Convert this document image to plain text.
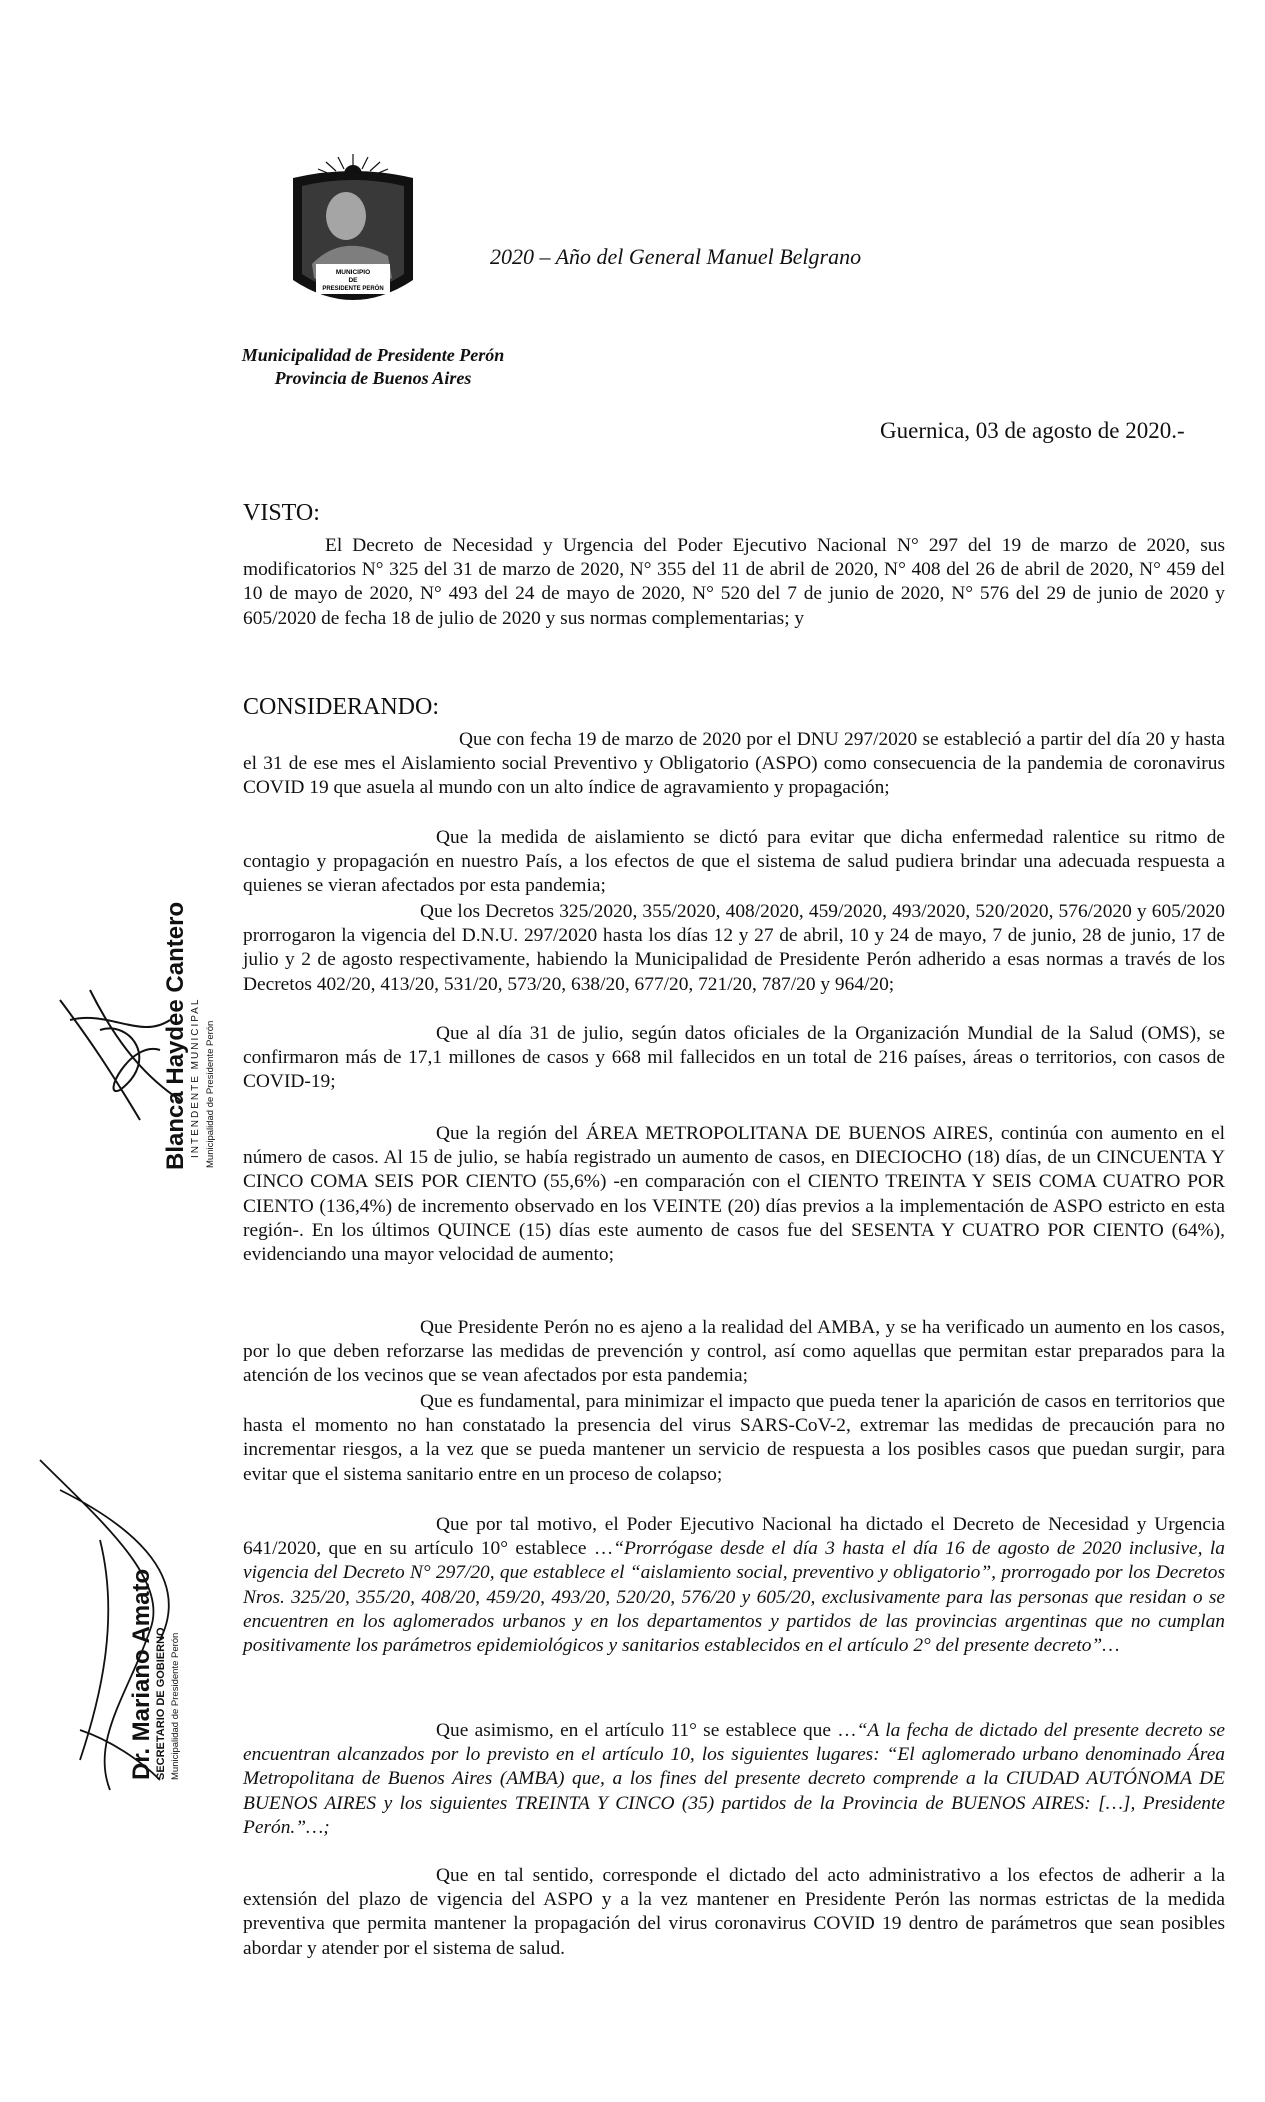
MUNICIPIO
DE
PRESIDENTE PERÓN
2020 – Año del General Manuel Belgrano
Municipalidad de Presidente Perón
Provincia de Buenos Aires
Guernica, 03 de agosto de 2020.-
VISTO:

El Decreto de Necesidad y Urgencia del Poder Ejecutivo Nacional N° 297 del 19 de marzo de 2020, sus modificatorios N° 325 del 31 de marzo de 2020, N° 355 del 11 de abril de 2020, N° 408 del 26 de abril de 2020, N° 459 del 10 de mayo de 2020, N° 493 del 24 de mayo de 2020, N° 520 del 7 de junio de 2020, N° 576 del 29 de junio de 2020 y 605/2020 de fecha 18 de julio de 2020 y sus normas complementarias; y

CONSIDERANDO:

Que con fecha 19 de marzo de 2020 por el DNU 297/2020 se estableció a partir del día 20 y hasta el 31 de ese mes el Aislamiento social Preventivo y Obligatorio (ASPO) como consecuencia de la pandemia de coronavirus COVID 19 que asuela al mundo con un alto índice de agravamiento y propagación;

Que la medida de aislamiento se dictó para evitar que dicha enfermedad ralentice su ritmo de contagio y propagación en nuestro País, a los efectos de que el sistema de salud pudiera brindar una adecuada respuesta a quienes se vieran afectados por esta pandemia;

Que los Decretos 325/2020, 355/2020, 408/2020, 459/2020, 493/2020, 520/2020, 576/2020 y 605/2020 prorrogaron la vigencia del D.N.U. 297/2020 hasta los días 12 y 27 de abril, 10 y 24 de mayo, 7 de junio, 28 de junio, 17 de julio y 2 de agosto respectivamente, habiendo la Municipalidad de Presidente Perón adherido a esas normas a través de los Decretos 402/20, 413/20, 531/20, 573/20, 638/20, 677/20, 721/20, 787/20 y 964/20;

Que al día 31 de julio, según datos oficiales de la Organización Mundial de la Salud (OMS), se confirmaron más de 17,1 millones de casos y 668 mil fallecidos en un total de 216 países, áreas o territorios, con casos de COVID-19;

Que la región del ÁREA METROPOLITANA DE BUENOS AIRES, continúa con aumento en el número de casos. Al 15 de julio, se había registrado un aumento de casos, en DIECIOCHO (18) días, de un CINCUENTA Y CINCO COMA SEIS POR CIENTO (55,6%) -en comparación con el CIENTO TREINTA Y SEIS COMA CUATRO POR CIENTO (136,4%) de incremento observado en los VEINTE (20) días previos a la implementación de ASPO estricto en esta región-. En los últimos QUINCE (15) días este aumento de casos fue del SESENTA Y CUATRO POR CIENTO (64%), evidenciando una mayor velocidad de aumento;

Que Presidente Perón no es ajeno a la realidad del AMBA, y se ha verificado un aumento en los casos, por lo que deben reforzarse las medidas de prevención y control, así como aquellas que permitan estar preparados para la atención de los vecinos que se vean afectados por esta pandemia;

Que es fundamental, para minimizar el impacto que pueda tener la aparición de casos en territorios que hasta el momento no han constatado la presencia del virus SARS-CoV-2, extremar las medidas de precaución para no incrementar riesgos, a la vez que se pueda mantener un servicio de respuesta a los posibles casos que puedan surgir, para evitar que el sistema sanitario entre en un proceso de colapso;

Que por tal motivo, el Poder Ejecutivo Nacional ha dictado el Decreto de Necesidad y Urgencia 641/2020, que en su artículo 10° establece …“Prorrógase desde el día 3 hasta el día 16 de agosto de 2020 inclusive, la vigencia del Decreto N° 297/20, que establece el “aislamiento social, preventivo y obligatorio”, prorrogado por los Decretos Nros. 325/20, 355/20, 408/20, 459/20, 493/20, 520/20, 576/20 y 605/20, exclusivamente para las personas que residan o se encuentren en los aglomerados urbanos y en los departamentos y partidos de las provincias argentinas que no cumplan positivamente los parámetros epidemiológicos y sanitarios establecidos en el artículo 2° del presente decreto”…

Que asimismo, en el artículo 11° se establece que …“A la fecha de dictado del presente decreto se encuentran alcanzados por lo previsto en el artículo 10, los siguientes lugares: “El aglomerado urbano denominado Área Metropolitana de Buenos Aires (AMBA) que, a los fines del presente decreto comprende a la CIUDAD AUTÓNOMA DE BUENOS AIRES y los siguientes TREINTA Y CINCO (35) partidos de la Provincia de BUENOS AIRES: […], Presidente Perón.”…;

Que en tal sentido, corresponde el dictado del acto administrativo a los efectos de adherir a la extensión del plazo de vigencia del ASPO y a la vez mantener en Presidente Perón las normas estrictas de la medida preventiva que permita mantener la propagación del virus coronavirus COVID 19 dentro de parámetros que sean posibles abordar y atender por el sistema de salud.

Blanca Haydee Cantero INTENDENTE MUNICIPAL Municipalidad de Presidente Perón
Dr. Mariano Amato SECRETARIO DE GOBIERNO Municipalidad de Presidente Perón
